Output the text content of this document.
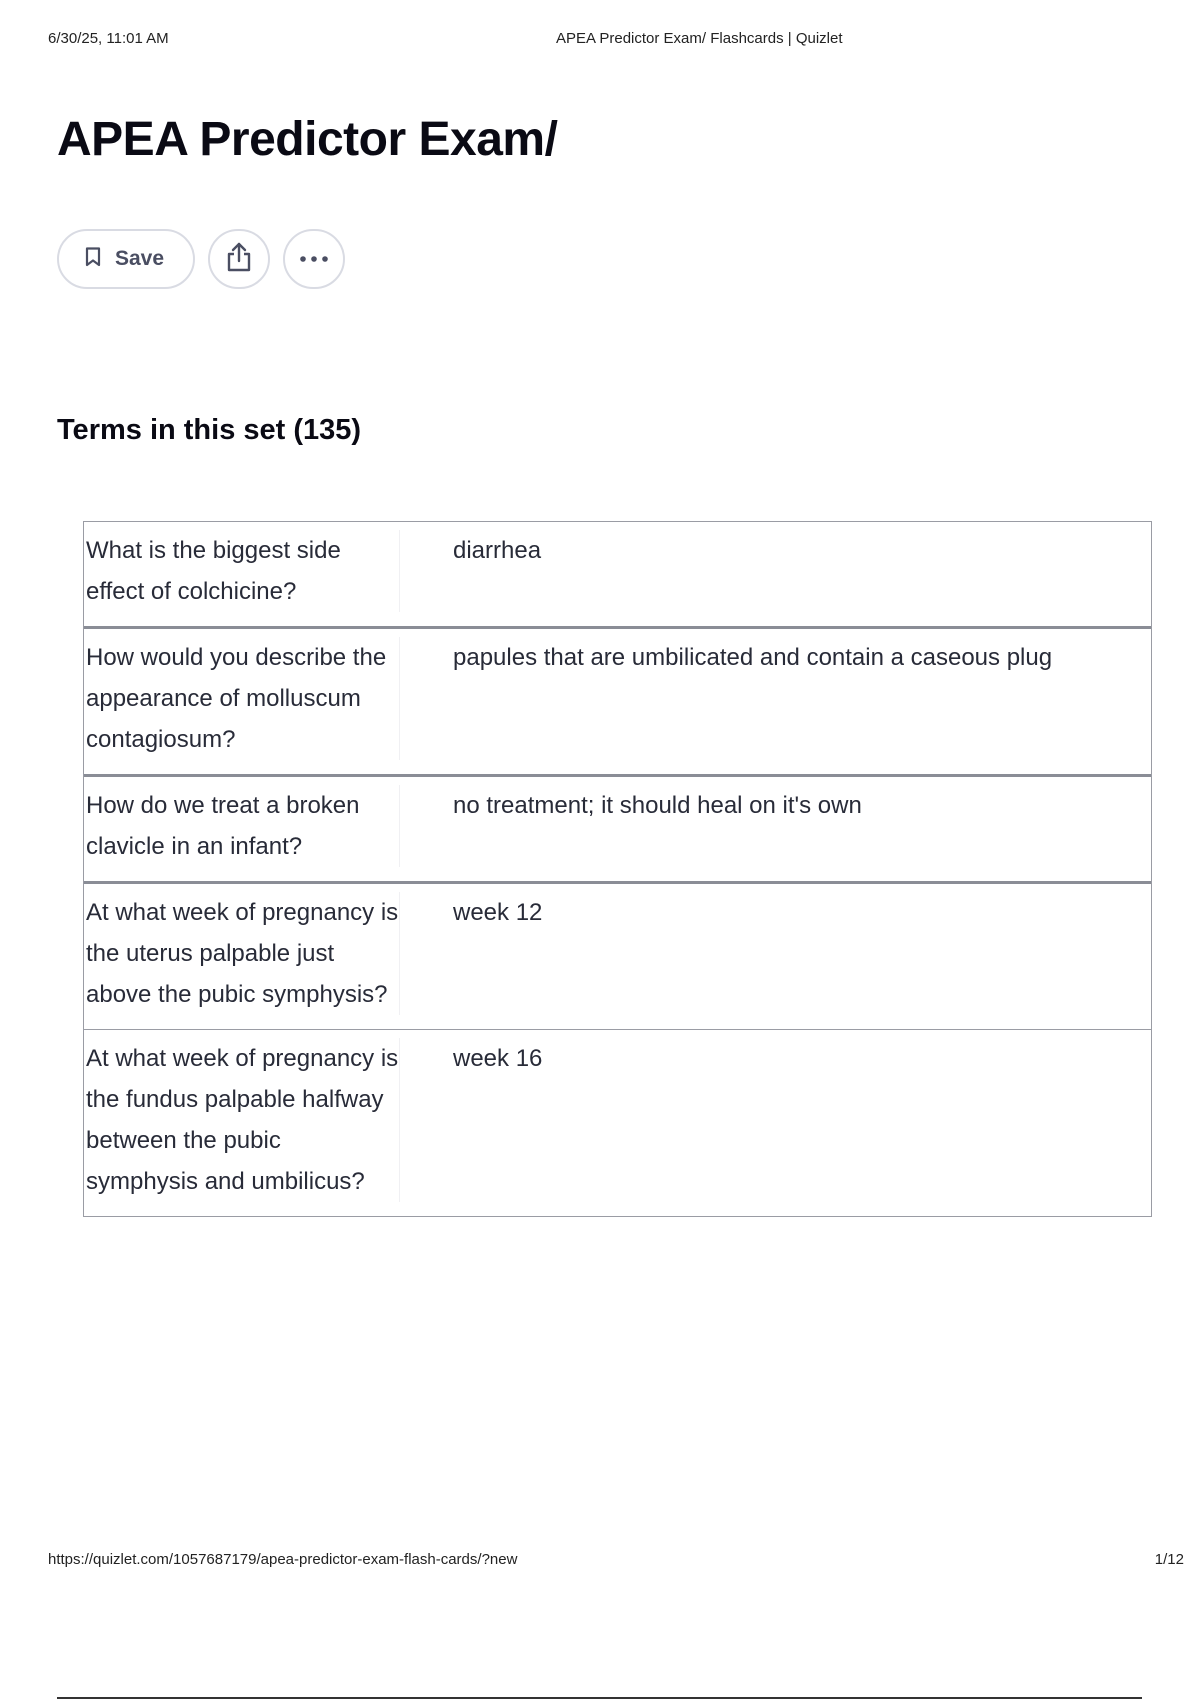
6/30/25, 11:01 AM	APEA Predictor Exam/ Flashcards | Quizlet
APEA Predictor Exam/
Save
Terms in this set (135)
What is the biggest side effect of colchicine?
diarrhea
How would you describe the appearance of molluscum contagiosum?
papules that are umbilicated and contain a caseous plug
How do we treat a broken clavicle in an infant?
no treatment; it should heal on it's own
At what week of pregnancy is the uterus palpable just above the pubic symphysis?
week 12
At what week of pregnancy is the fundus palpable halfway between the pubic symphysis and umbilicus?
week 16
https://quizlet.com/1057687179/apea-predictor-exam-flash-cards/?new	1/12
